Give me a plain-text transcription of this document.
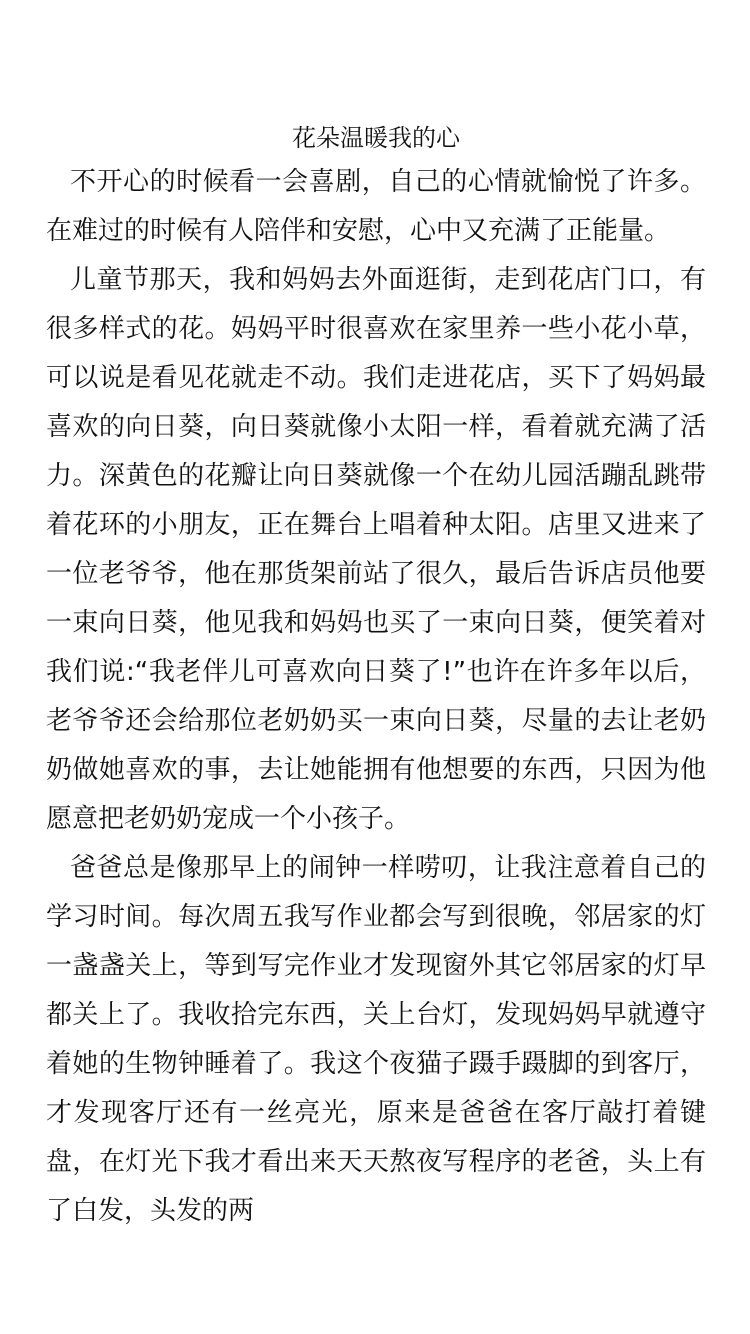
花朵温暖我的心

不开心的时候看一会喜剧，自己的心情就愉悦了许多。在难过的时候有人陪伴和安慰，心中又充满了正能量。

儿童节那天，我和妈妈去外面逛街，走到花店门口，有很多样式的花。妈妈平时很喜欢在家里养一些小花小草，可以说是看见花就走不动。我们走进花店，买下了妈妈最喜欢的向日葵，向日葵就像小太阳一样，看着就充满了活力。深黄色的花瓣让向日葵就像一个在幼儿园活蹦乱跳带着花环的小朋友，正在舞台上唱着种太阳。店里又进来了一位老爷爷，他在那货架前站了很久，最后告诉店员他要一束向日葵，他见我和妈妈也买了一束向日葵，便笑着对我们说:“我老伴儿可喜欢向日葵了!”也许在许多年以后，老爷爷还会给那位老奶奶买一束向日葵，尽量的去让老奶奶做她喜欢的事，去让她能拥有他想要的东西，只因为他愿意把老奶奶宠成一个小孩子。

爸爸总是像那早上的闹钟一样唠叨，让我注意着自己的学习时间。每次周五我写作业都会写到很晚，邻居家的灯一盏盏关上，等到写完作业才发现窗外其它邻居家的灯早都关上了。我收拾完东西，关上台灯，发现妈妈早就遵守着她的生物钟睡着了。我这个夜猫子蹑手蹑脚的到客厅，才发现客厅还有一丝亮光，原来是爸爸在客厅敲打着键盘，在灯光下我才看出来天天熬夜写程序的老爸，头上有了白发，头发的两
